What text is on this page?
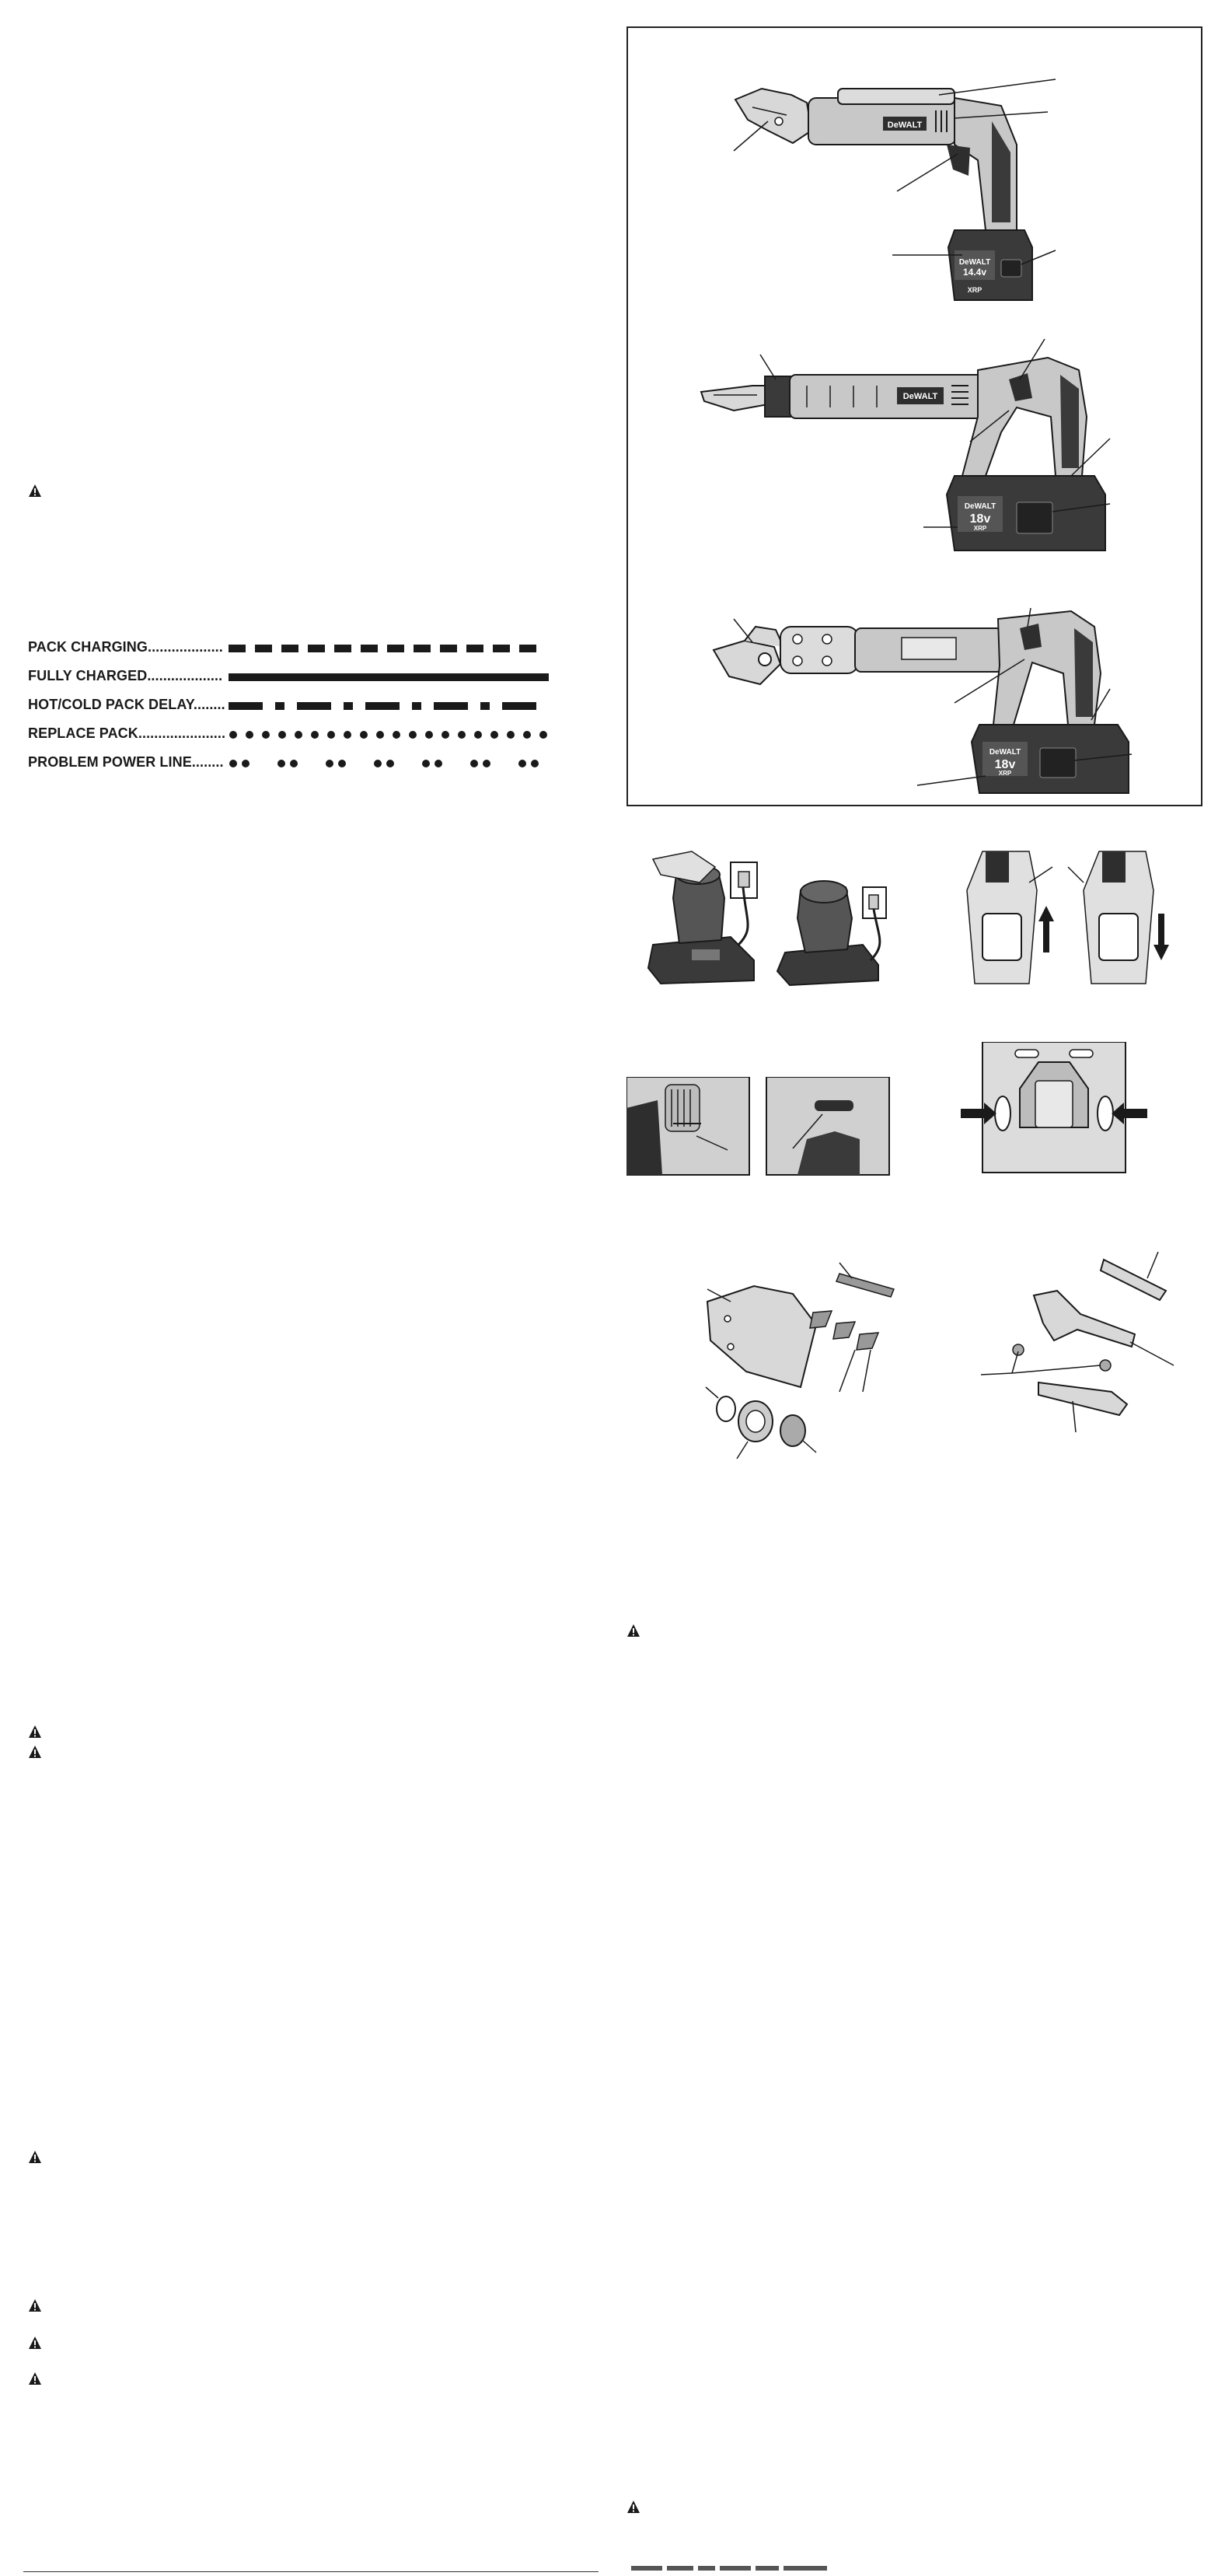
PACK CHARGING...................
FULLY CHARGED...................
HOT/COLD PACK DELAY........
REPLACE PACK......................
PROBLEM POWER LINE........
DeWALT
DeWALT
14.4v
XRP
DeWALT
DeWALT
18v
XRP
DeWALT
18v
XRP
